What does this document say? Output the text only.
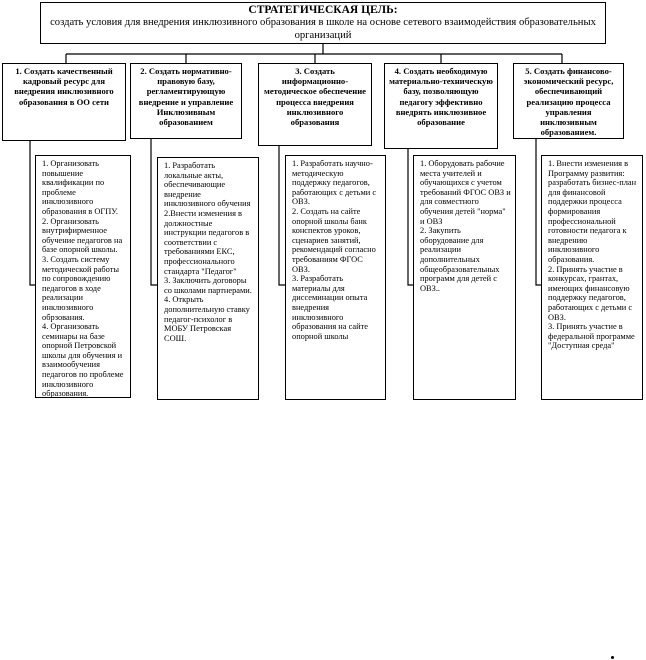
СТРАТЕГИЧЕСКАЯ ЦЕЛЬ:
создать условия для внедрения инклюзивного образования в школе на основе сетевого взаимодействия образовательных организаций
1. Создать качественный кадровый ресурс для внедрения инклюзивного образования в ОО сети
1. Организовать повышение квалификации по проблеме инклюзивного образования в ОГПУ.
2. Организовать внутрифирменное обучение педагогов на базе опорной школы.
3. Создать систему методической работы по сопровождению педагогов в ходе реализации инклюзивного обрзования.
4. Организовать семинары на базе опорной Петровской школы для обучения и взаимообучения педагогов по проблеме инклюзивного образования.
2. Создать нормативно-правовую базу, регламентирующую внедрение и управление Инклюзивным образованием
1. Разработать локальные акты, обеспечивающие внедрение инклюзивного обучения
2.Внести изменения в должностные инструкции педагогов в соответствии с требованиями ЕКС, профессионального стандарта "Педагог"
3. Заключить договоры со школами партнерами.
4. Открыть дополнительную ставку педагог-психолог в МОБУ Петровская СОШ.
3. Создать информационно-методическое обеспечение процесса внедрения инклюзивного образования
1. Разработать научно-методическую поддержку педагогов, работающих с детьми с ОВЗ.
2. Создать на сайте опорной школы банк конспектов уроков, сценариев занятий, рекомендаций согласно требованиям ФГОС ОВЗ.
3. Разработать материалы для диссеминации опыта внедрения инклюзивного образования на сайте опорной школы
4. Создать необходимую материально-техническую базу, позволяющую педагогу эффективно внедрять инклюзивное образование
1. Оборудовать рабочие места учителей и обучающихся с учетом требований ФГОС ОВЗ и для совместного обучения детей "норма" и ОВЗ
2. Закупить оборудование для реализации дополнительных общеобразовательных программ для детей с ОВЗ..
5. Создать финансово-экономический ресурс, обеспечивающий реализацию процесса управления инклюзивным образованием.
1. Внести изменения в Программу развития: разработать бизнес-план для финансовой поддержки процесса формирования профессиональной готовности педагога к внедрению инклюзивного образования.
2. Принять участие в конкурсах, грантах, имеющих финансовую поддержку педагогов, работающих с детьми с ОВЗ.
3. Принять участие в федеральной программе "Доступная среда"
